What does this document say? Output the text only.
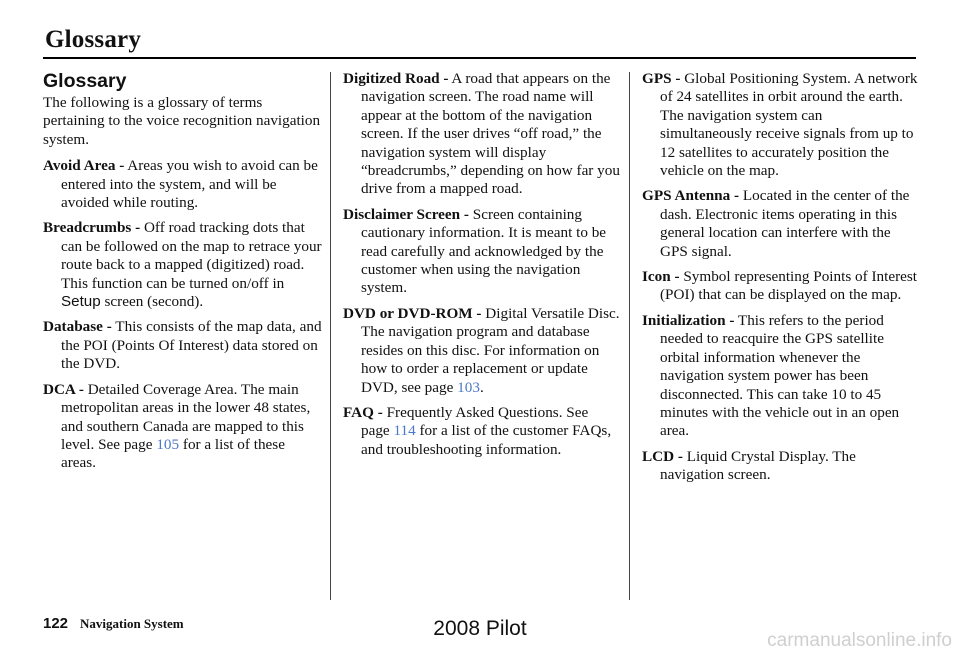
Glossary
Glossary

The following is a glossary of terms pertaining to the voice recognition navigation system.

Avoid Area - Areas you wish to avoid can be entered into the system, and will be avoided while routing.

Breadcrumbs - Off road tracking dots that can be followed on the map to retrace your route back to a mapped (digitized) road. This function can be turned on/off in Setup screen (second).

Database - This consists of the map data, and the POI (Points Of Interest) data stored on the DVD.

DCA - Detailed Coverage Area. The main metropolitan areas in the lower 48 states, and southern Canada are mapped to this level. See page 105 for a list of these areas.

Digitized Road - A road that appears on the navigation screen. The road name will appear at the bottom of the navigation screen. If the user drives “off road,” the navigation system will display “breadcrumbs,” depending on how far you drive from a mapped road.

Disclaimer Screen - Screen containing cautionary information. It is meant to be read carefully and acknowledged by the customer when using the navigation system.

DVD or DVD-ROM - Digital Versatile Disc. The navigation program and database resides on this disc. For information on how to order a replacement or update DVD, see page 103.

FAQ - Frequently Asked Questions. See page 114 for a list of the customer FAQs, and troubleshooting information.

GPS - Global Positioning System. A network of 24 satellites in orbit around the earth. The navigation system can simultaneously receive signals from up to 12 satellites to accurately position the vehicle on the map.

GPS Antenna - Located in the center of the dash. Electronic items operating in this general location can interfere with the GPS signal.

Icon - Symbol representing Points of Interest (POI) that can be displayed on the map.

Initialization - This refers to the period needed to reacquire the GPS satellite orbital information whenever the navigation system power has been disconnected. This can take 10 to 45 minutes with the vehicle out in an open area.

LCD - Liquid Crystal Display. The navigation screen.

122 Navigation System	2008 Pilot
carmanualsonline.info
